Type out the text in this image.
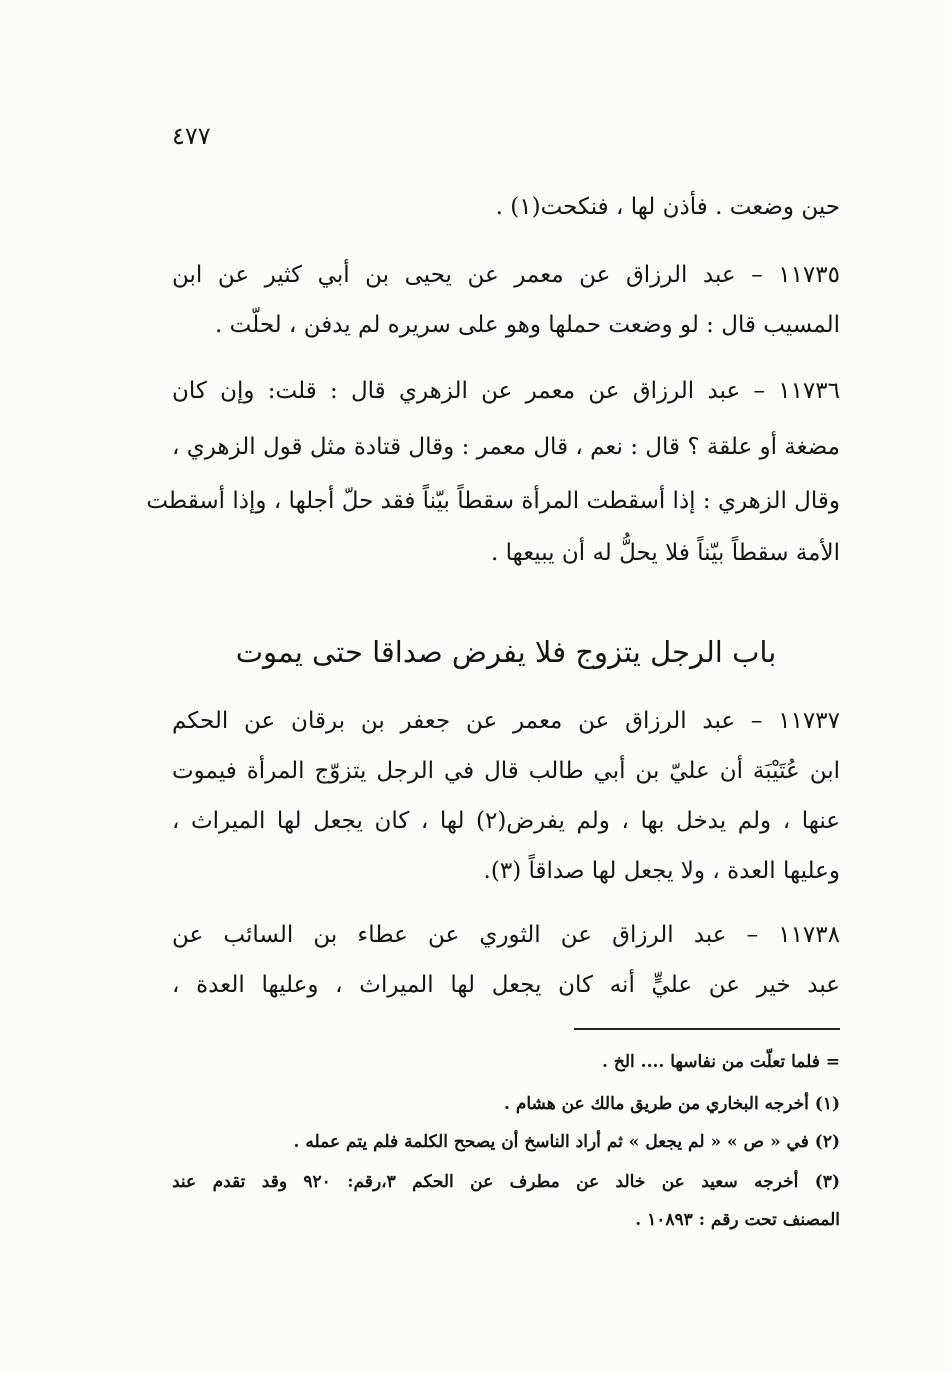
٤٧٧
حين وضعت . فأذن لها ، فنكحت(١) .
١١٧٣٥ – عبد الرزاق عن معمر عن يحيى بن أبي كثير عن ابن
المسيب قال : لو وضعت حملها وهو على سريره لم يدفن ، لحلّت .
١١٧٣٦ – عبد الرزاق عن معمر عن الزهري قال : قلت: وإن كان
مضغة أو علقة ؟ قال : نعم ، قال معمر : وقال قتادة مثل قول الزهري ،
وقال الزهري : إذا أسقطت المرأة سقطاً بيّناً فقد حلّ أجلها ، وإذا أسقطت
الأمة سقطاً بيّناً فلا يحلُّ له أن يبيعها .
باب الرجل يتزوج فلا يفرض صداقا حتى يموت
١١٧٣٧ – عبد الرزاق عن معمر عن جعفر بن برقان عن الحكم
ابن عُتَيْبَة أن عليّ بن أبي طالب قال في الرجل يتزوّج المرأة فيموت
عنها ، ولم يدخل بها ، ولم يفرض(٢) لها ، كان يجعل لها الميراث ،
وعليها العدة ، ولا يجعل لها صداقاً (٣).
١١٧٣٨ – عبد الرزاق عن الثوري عن عطاء بن السائب عن
عبد خير عن عليٍّ أنه كان يجعل لها الميراث ، وعليها العدة ،
= فلما تعلّت من نفاسها .... الخ .
(١) أخرجه البخاري من طريق مالك عن هشام .
(٢) في « ص » « لم يجعل » ثم أراد الناسخ أن يصحح الكلمة فلم يتم عمله .
(٣) أخرجه سعيد عن خالد عن مطرف عن الحكم ٣،رقم: ٩٢٠ وقد تقدم عند
المصنف تحت رقم : ١٠٨٩٣ .
